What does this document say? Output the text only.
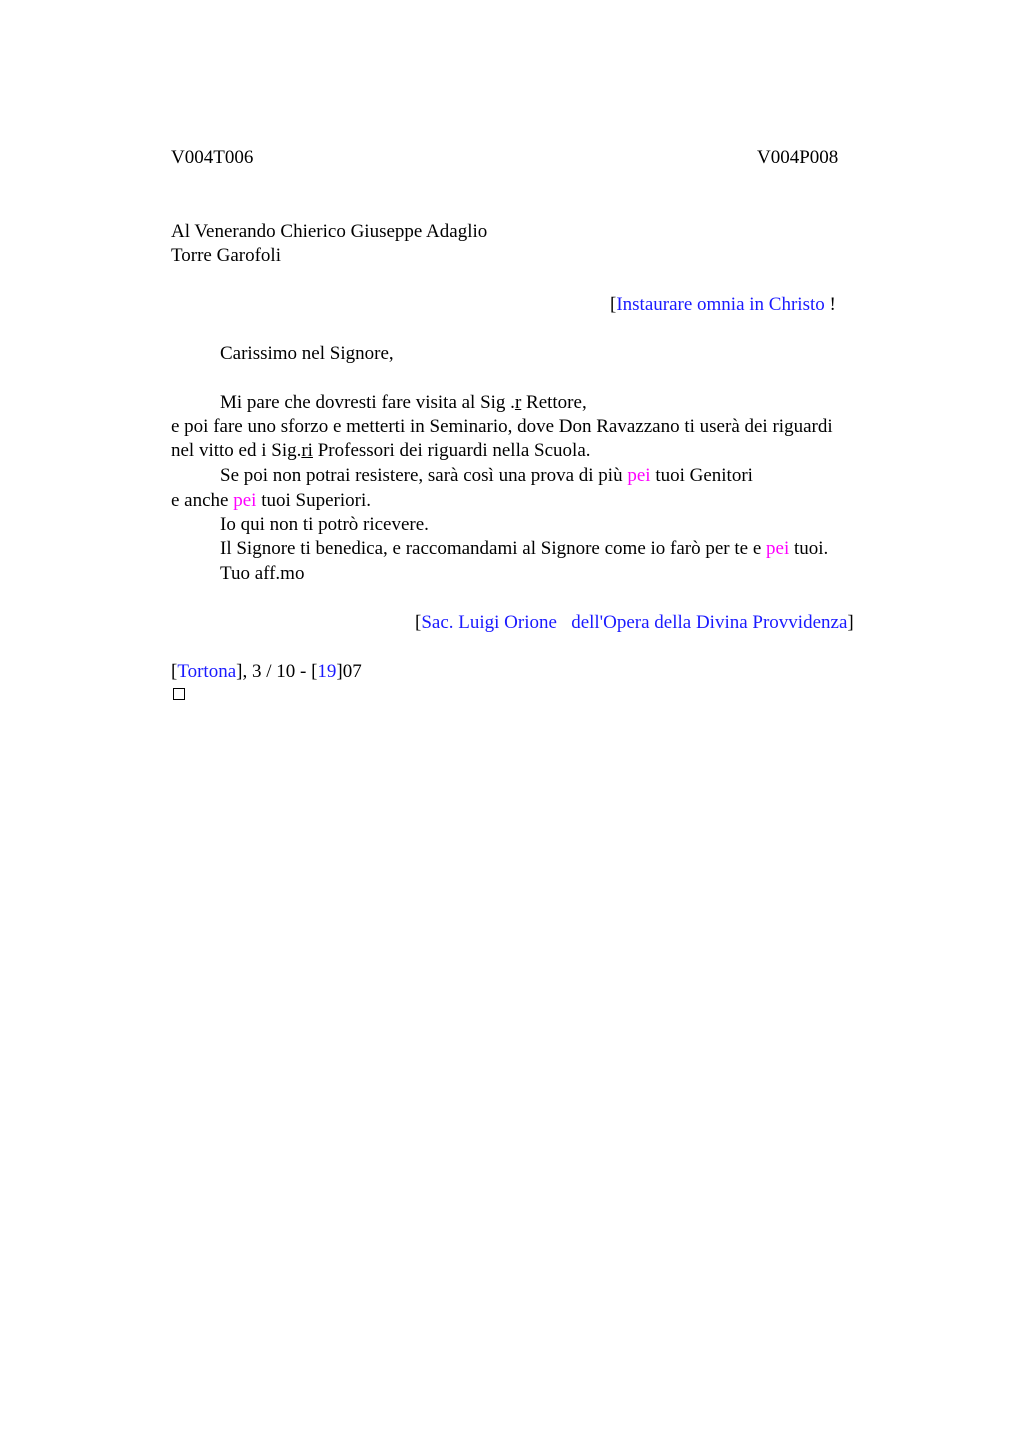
V004T006	V004P008
Al Venerando Chierico Giuseppe Adaglio
Torre Garofoli
[Instaurare omnia in Christo !
Carissimo nel Signore,
Mi pare che dovresti fare visita al Sig .r Rettore,
e poi fare uno sforzo e metterti in Seminario, dove Don Ravazzano ti userà dei riguardi
nel vitto ed i Sig.ri Professori dei riguardi nella Scuola.
Se poi non potrai resistere, sarà così una prova di più pei tuoi Genitori
e anche pei tuoi Superiori.
Io qui non ti potrò ricevere.
Il Signore ti benedica, e raccomandami al Signore come io farò per te e pei tuoi.
Tuo aff.mo
[Sac. Luigi Orione dell'Opera della Divina Provvidenza]
[Tortona], 3 / 10 - [19]07
